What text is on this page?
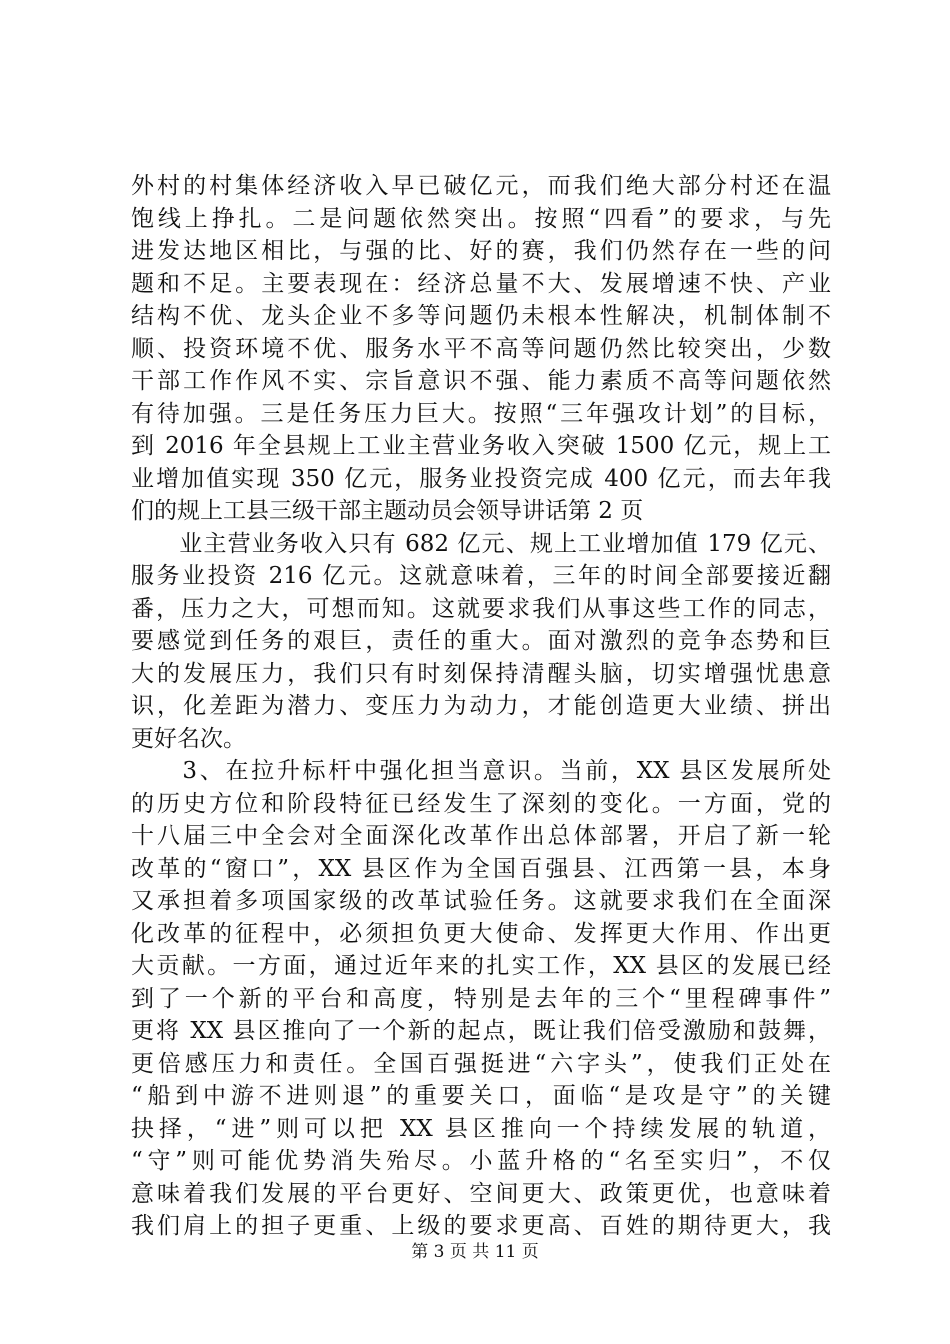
外村的村集体经济收入早已破亿元，而我们绝大部分村还在温
饱线上挣扎。二是问题依然突出。按照“四看”的要求，与先
进发达地区相比，与强的比、好的赛，我们仍然存在一些的问
题和不足。主要表现在：经济总量不大、发展增速不快、产业
结构不优、龙头企业不多等问题仍未根本性解决，机制体制不
顺、投资环境不优、服务水平不高等问题仍然比较突出，少数
干部工作作风不实、宗旨意识不强、能力素质不高等问题依然
有待加强。三是任务压力巨大。按照“三年强攻计划”的目标，
到 2016 年全县规上工业主营业务收入突破 1500 亿元，规上工
业增加值实现 350 亿元，服务业投资完成 400 亿元，而去年我
们的规上工县三级干部主题动员会领导讲话第 2 页
　　业主营业务收入只有 682 亿元、规上工业增加值 179 亿元、
服务业投资 216 亿元。这就意味着，三年的时间全部要接近翻
番，压力之大，可想而知。这就要求我们从事这些工作的同志，
要感觉到任务的艰巨，责任的重大。面对激烈的竞争态势和巨
大的发展压力，我们只有时刻保持清醒头脑，切实增强忧患意
识，化差距为潜力、变压力为动力，才能创造更大业绩、拼出
更好名次。
　　3、在拉升标杆中强化担当意识。当前，XX 县区发展所处
的历史方位和阶段特征已经发生了深刻的变化。一方面，党的
十八届三中全会对全面深化改革作出总体部署，开启了新一轮
改革的“窗口”，XX 县区作为全国百强县、江西第一县，本身
又承担着多项国家级的改革试验任务。这就要求我们在全面深
化改革的征程中，必须担负更大使命、发挥更大作用、作出更
大贡献。一方面，通过近年来的扎实工作，XX 县区的发展已经
到了一个新的平台和高度，特别是去年的三个“里程碑事件”
更将 XX 县区推向了一个新的起点，既让我们倍受激励和鼓舞，
更倍感压力和责任。全国百强挺进“六字头”，使我们正处在
“船到中游不进则退”的重要关口，面临“是攻是守”的关键
抉择，“进”则可以把 XX 县区推向一个持续发展的轨道，
“守”则可能优势消失殆尽。小蓝升格的“名至实归”，不仅
意味着我们发展的平台更好、空间更大、政策更优，也意味着
我们肩上的担子更重、上级的要求更高、百姓的期待更大，我
第 3 页 共 11 页
